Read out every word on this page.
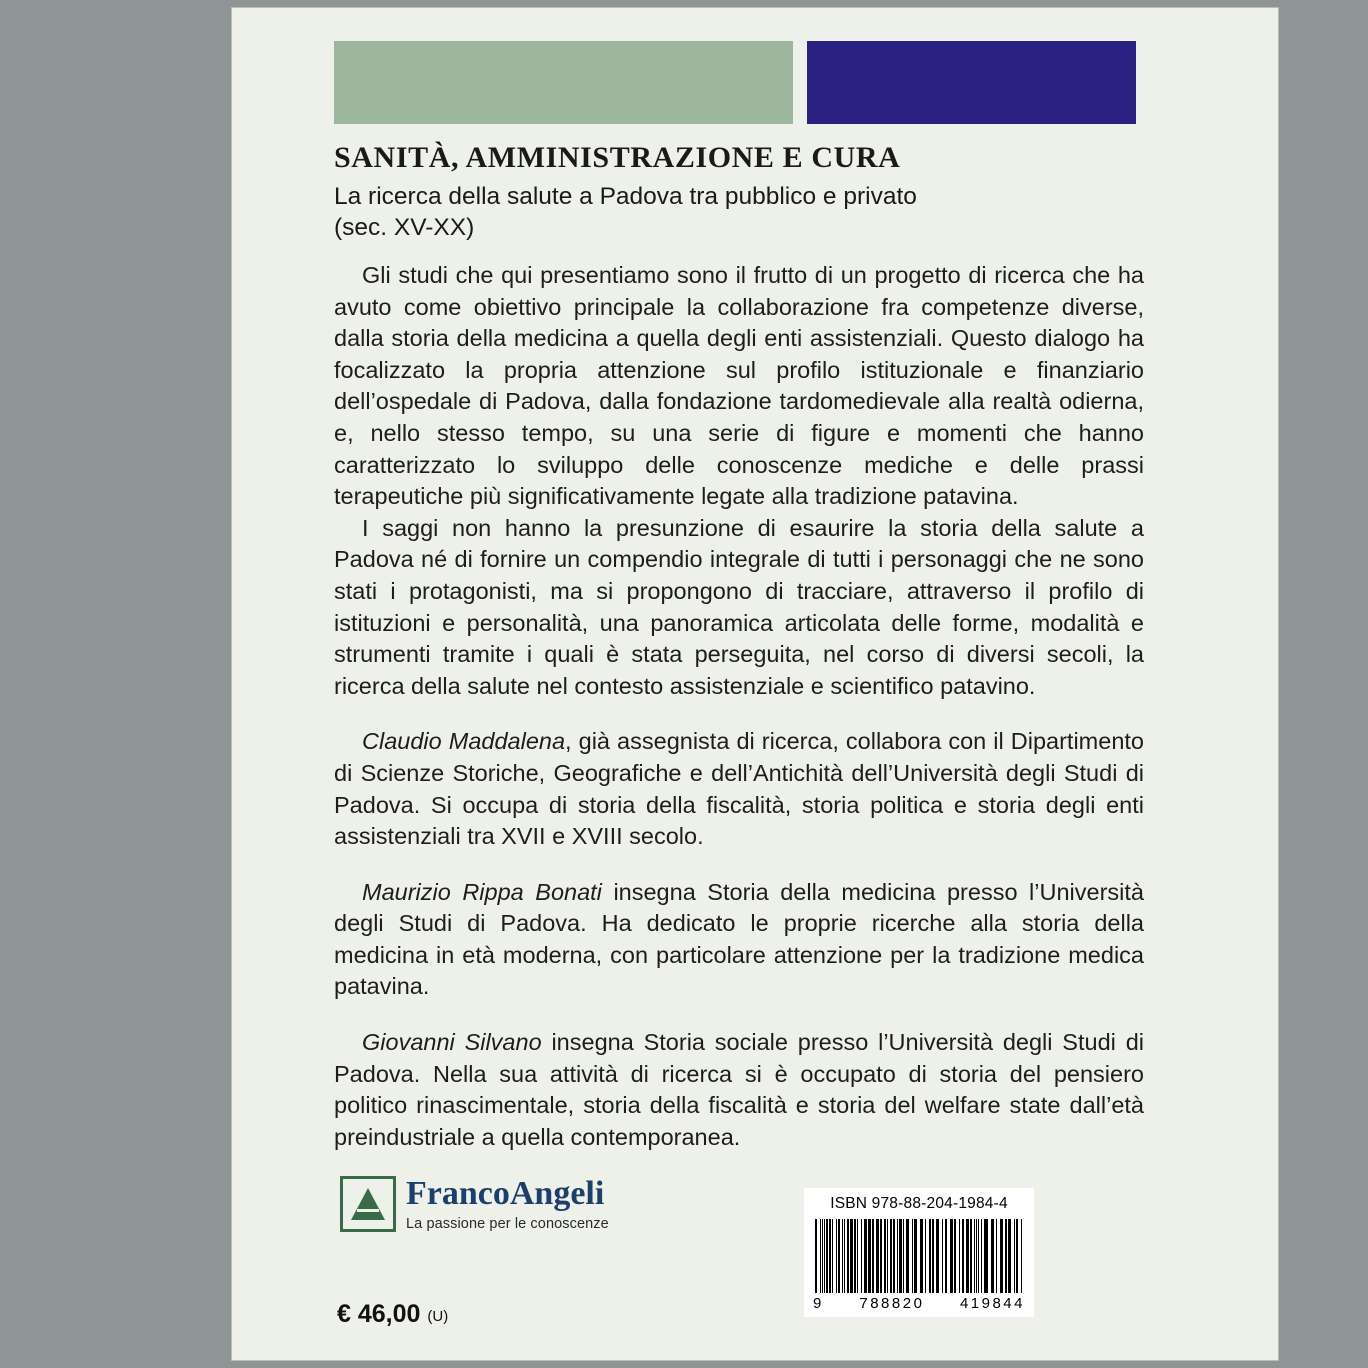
SANITÀ, AMMINISTRAZIONE E CURA
La ricerca della salute a Padova tra pubblico e privato
(sec. XV-XX)

Gli studi che qui presentiamo sono il frutto di un progetto di ricerca che ha avuto come obiettivo principale la collaborazione fra competenze diverse, dalla storia della medicina a quella degli enti assistenziali. Questo dialogo ha focalizzato la propria attenzione sul profilo istituzionale e finanziario dell’ospedale di Padova, dalla fondazione tardomedievale alla realtà odierna, e, nello stesso tempo, su una serie di figure e momenti che hanno caratterizzato lo sviluppo delle conoscenze mediche e delle prassi terapeutiche più significativamente legate alla tradizione patavina.

I saggi non hanno la presunzione di esaurire la storia della salute a Padova né di fornire un compendio integrale di tutti i personaggi che ne sono stati i protagonisti, ma si propongono di tracciare, attraverso il profilo di istituzioni e personalità, una panoramica articolata delle forme, modalità e strumenti tramite i quali è stata perseguita, nel corso di diversi secoli, la ricerca della salute nel contesto assistenziale e scientifico patavino.

Claudio Maddalena, già assegnista di ricerca, collabora con il Dipartimento di Scienze Storiche, Geografiche e dell’Antichità dell’Università degli Studi di Padova. Si occupa di storia della fiscalità, storia politica e storia degli enti assistenziali tra XVII e XVIII secolo.

Maurizio Rippa Bonati insegna Storia della medicina presso l’Università degli Studi di Padova. Ha dedicato le proprie ricerche alla storia della medicina in età moderna, con particolare attenzione per la tradizione medica patavina.

Giovanni Silvano insegna Storia sociale presso l’Università degli Studi di Padova. Nella sua attività di ricerca si è occupato di storia del pensiero politico rinascimentale, storia della fiscalità e storia del welfare state dall’età preindustriale a quella contemporanea.

FrancoAngeli
La passione per le conoscenze
€ 46,00 (U)
ISBN 978-88-204-1984-4
9 788820 419844
